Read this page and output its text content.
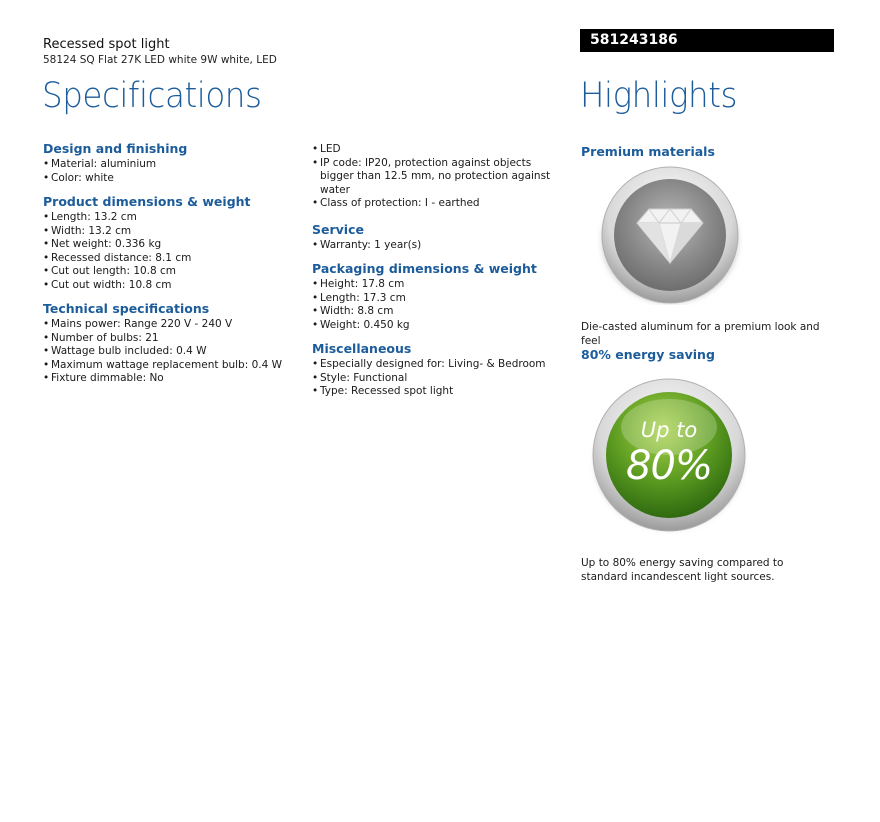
Recessed spot light
58124 SQ Flat 27K LED white 9W white, LED
581243186
Specifications	Highlights
Design and finishing
• Material: aluminium
• Color: white
Product dimensions & weight
• Length: 13.2 cm
• Width: 13.2 cm
• Net weight: 0.336 kg
• Recessed distance: 8.1 cm
• Cut out length: 10.8 cm
• Cut out width: 10.8 cm
Technical specifications
• Mains power: Range 220 V - 240 V
• Number of bulbs: 21
• Wattage bulb included: 0.4 W
• Maximum wattage replacement bulb: 0.4 W
• Fixture dimmable: No
• LED
• IP code: IP20, protection against objects bigger than 12.5 mm, no protection against water
• Class of protection: I - earthed
Service
• Warranty: 1 year(s)
Packaging dimensions & weight
• Height: 17.8 cm
• Length: 17.3 cm
• Width: 8.8 cm
• Weight: 0.450 kg
Miscellaneous
• Especially designed for: Living- & Bedroom
• Style: Functional
• Type: Recessed spot light
Premium materials
Die-casted aluminum for a premium look and feel
80% energy saving
Up to
80%
Up to 80% energy saving compared to standard incandescent light sources.
